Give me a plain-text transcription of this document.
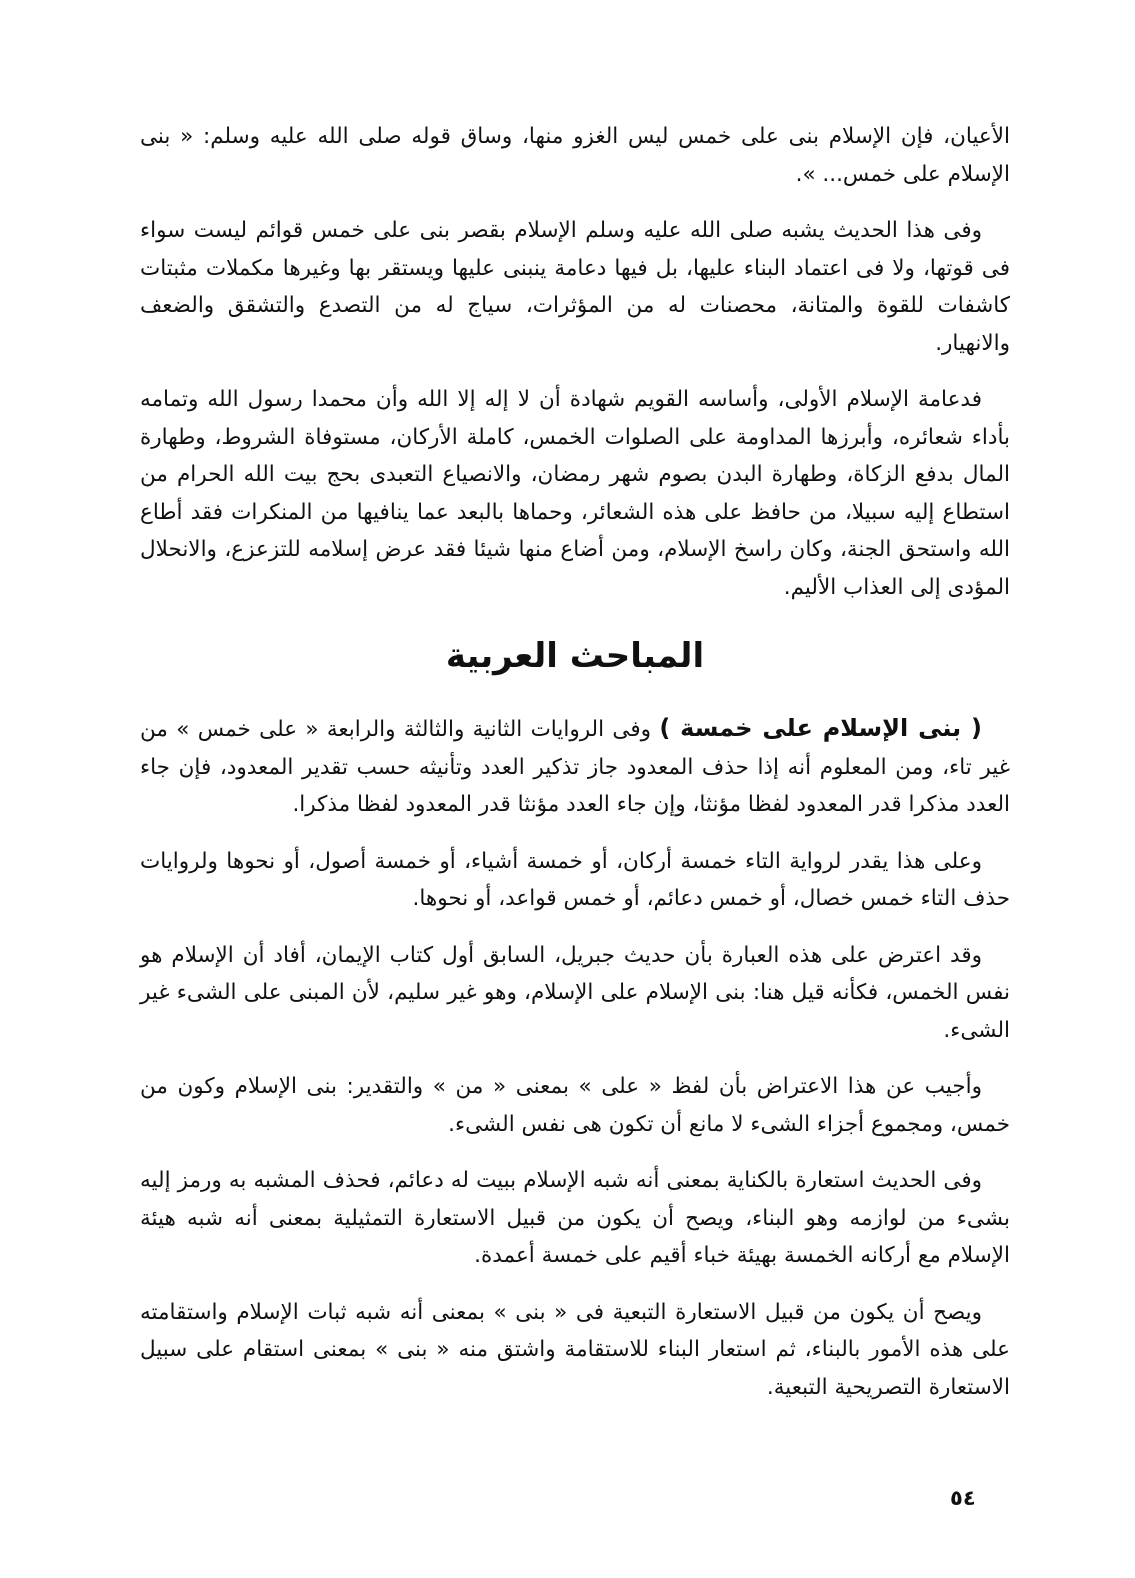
الأعيان، فإن الإسلام بنى على خمس ليس الغزو منها، وساق قوله صلى الله عليه وسلم: « بنى الإسلام على خمس... ».

وفى هذا الحديث يشبه صلى الله عليه وسلم الإسلام بقصر بنى على خمس قوائم ليست سواء فى قوتها، ولا فى اعتماد البناء عليها، بل فيها دعامة ينبنى عليها ويستقر بها وغيرها مكملات مثبتات كاشفات للقوة والمتانة، محصنات له من المؤثرات، سياج له من التصدع والتشقق والضعف والانهيار.

فدعامة الإسلام الأولى، وأساسه القويم شهادة أن لا إله إلا الله وأن محمدا رسول الله وتمامه بأداء شعائره، وأبرزها المداومة على الصلوات الخمس، كاملة الأركان، مستوفاة الشروط، وطهارة المال بدفع الزكاة، وطهارة البدن بصوم شهر رمضان، والانصياع التعبدى بحج بيت الله الحرام من استطاع إليه سبيلا، من حافظ على هذه الشعائر، وحماها بالبعد عما ينافيها من المنكرات فقد أطاع الله واستحق الجنة، وكان راسخ الإسلام، ومن أضاع منها شيئا فقد عرض إسلامه للتزعزع، والانحلال المؤدى إلى العذاب الأليم.

المباحث العربية

( بنى الإسلام على خمسة ) وفى الروايات الثانية والثالثة والرابعة « على خمس » من غير تاء، ومن المعلوم أنه إذا حذف المعدود جاز تذكير العدد وتأنيثه حسب تقدير المعدود، فإن جاء العدد مذكرا قدر المعدود لفظا مؤنثا، وإن جاء العدد مؤنثا قدر المعدود لفظا مذكرا.

وعلى هذا يقدر لرواية التاء خمسة أركان، أو خمسة أشياء، أو خمسة أصول، أو نحوها ولروايات حذف التاء خمس خصال، أو خمس دعائم، أو خمس قواعد، أو نحوها.

وقد اعترض على هذه العبارة بأن حديث جبريل، السابق أول كتاب الإيمان، أفاد أن الإسلام هو نفس الخمس، فكأنه قيل هنا: بنى الإسلام على الإسلام، وهو غير سليم، لأن المبنى على الشىء غير الشىء.

وأجيب عن هذا الاعتراض بأن لفظ « على » بمعنى « من » والتقدير: بنى الإسلام وكون من خمس، ومجموع أجزاء الشىء لا مانع أن تكون هى نفس الشىء.

وفى الحديث استعارة بالكناية بمعنى أنه شبه الإسلام ببيت له دعائم، فحذف المشبه به ورمز إليه بشىء من لوازمه وهو البناء، ويصح أن يكون من قبيل الاستعارة التمثيلية بمعنى أنه شبه هيئة الإسلام مع أركانه الخمسة بهيئة خباء أقيم على خمسة أعمدة.

ويصح أن يكون من قبيل الاستعارة التبعية فى « بنى » بمعنى أنه شبه ثبات الإسلام واستقامته على هذه الأمور بالبناء، ثم استعار البناء للاستقامة واشتق منه « بنى » بمعنى استقام على سبيل الاستعارة التصريحية التبعية.

٥٤
